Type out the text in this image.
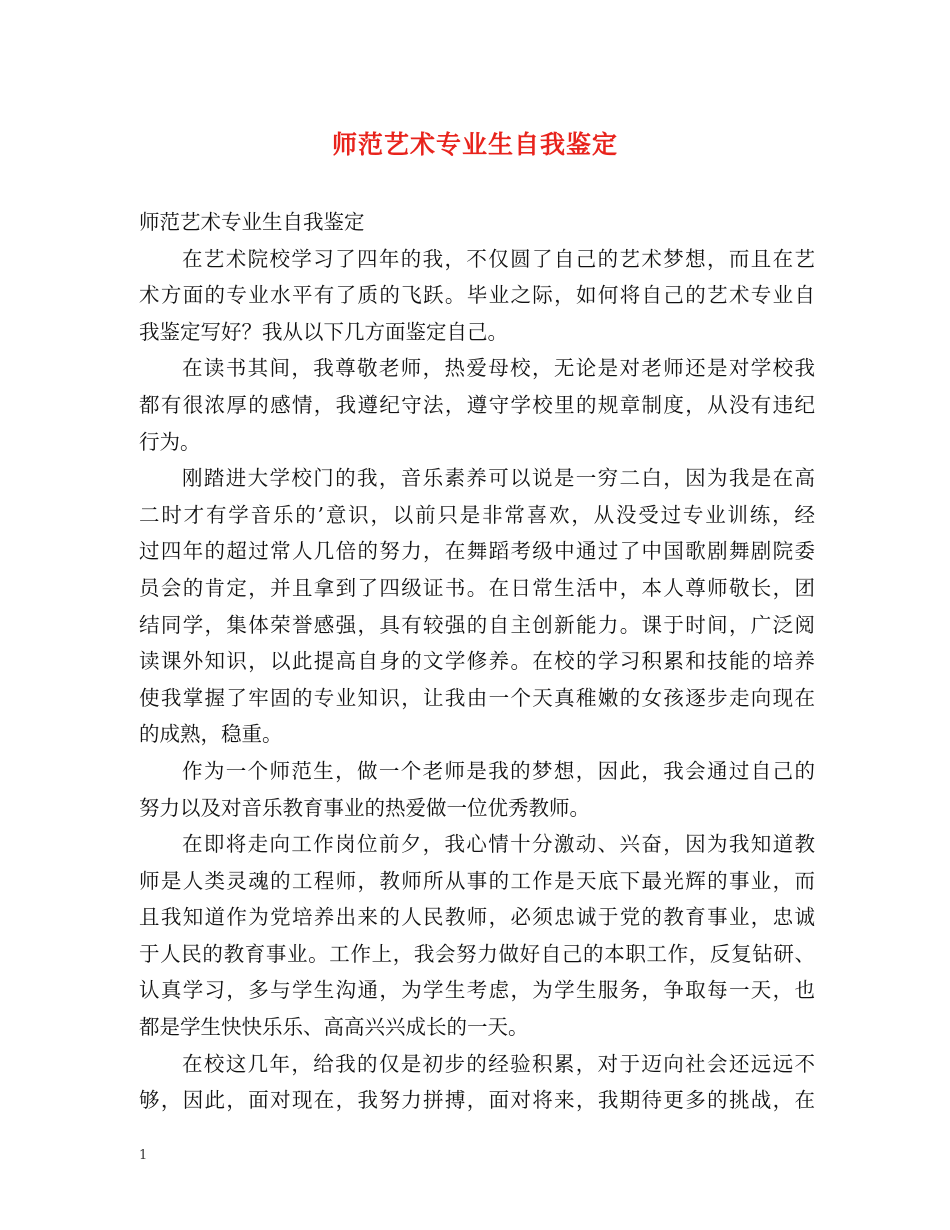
师范艺术专业生自我鉴定
师范艺术专业生自我鉴定
在艺术院校学习了四年的我，不仅圆了自己的艺术梦想，而且在艺
术方面的专业水平有了质的飞跃。毕业之际，如何将自己的艺术专业自
我鉴定写好？我从以下几方面鉴定自己。
在读书其间，我尊敬老师，热爱母校，无论是对老师还是对学校我
都有很浓厚的感情，我遵纪守法，遵守学校里的规章制度，从没有违纪
行为。
刚踏进大学校门的我，音乐素养可以说是一穷二白，因为我是在高
二时才有学音乐的’意识，以前只是非常喜欢，从没受过专业训练，经
过四年的超过常人几倍的努力，在舞蹈考级中通过了中国歌剧舞剧院委
员会的肯定，并且拿到了四级证书。在日常生活中，本人尊师敬长，团
结同学，集体荣誉感强，具有较强的自主创新能力。课于时间，广泛阅
读课外知识，以此提高自身的文学修养。在校的学习积累和技能的培养
使我掌握了牢固的专业知识，让我由一个天真稚嫩的女孩逐步走向现在
的成熟，稳重。
作为一个师范生，做一个老师是我的梦想，因此，我会通过自己的
努力以及对音乐教育事业的热爱做一位优秀教师。
在即将走向工作岗位前夕，我心情十分激动、兴奋，因为我知道教
师是人类灵魂的工程师，教师所从事的工作是天底下最光辉的事业，而
且我知道作为党培养出来的人民教师，必须忠诚于党的教育事业，忠诚
于人民的教育事业。工作上，我会努力做好自己的本职工作，反复钻研、
认真学习，多与学生沟通，为学生考虑，为学生服务，争取每一天，也
都是学生快快乐乐、高高兴兴成长的一天。
在校这几年，给我的仅是初步的经验积累，对于迈向社会还远远不
够，因此，面对现在，我努力拼搏，面对将来，我期待更多的挑战，在
1
